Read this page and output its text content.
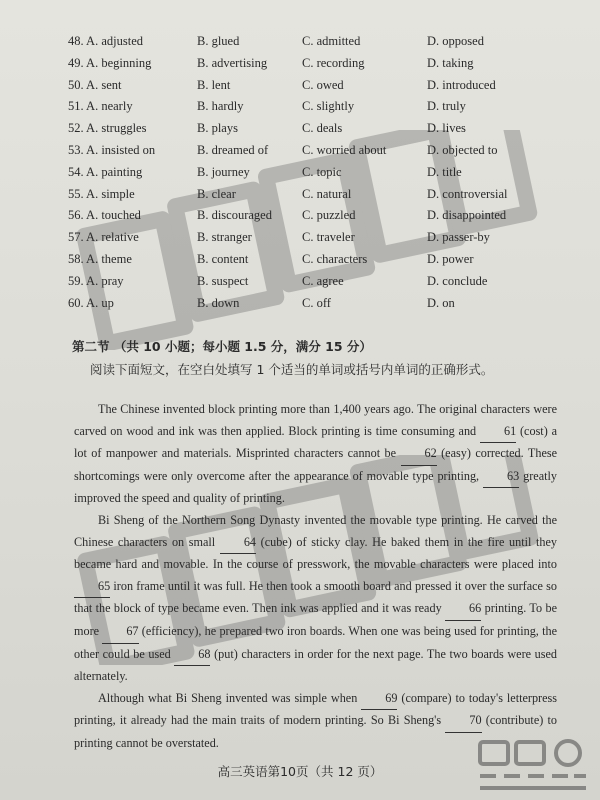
48. A. adjusted	B. glued	C. admitted	D. opposed
49. A. beginning	B. advertising	C. recording	D. taking
50. A. sent	B. lent	C. owed	D. introduced
51. A. nearly	B. hardly	C. slightly	D. truly
52. A. struggles	B. plays	C. deals	D. lives
53. A. insisted on	B. dreamed of	C. worried about	D. objected to
54. A. painting	B. journey	C. topic	D. title
55. A. simple	B. clear	C. natural	D. controversial
56. A. touched	B. discouraged C. puzzled	D. disappointed
57. A. relative	B. stranger	C. traveler	D. passer-by
58. A. theme	B. content	C. characters	D. power
59. A. pray	B. suspect	C. agree	D. conclude
60. A. up	B. down	C. off	D. on
第二节 （共 10 小题；每小题 1.5 分，满分 15 分）
阅读下面短文，在空白处填写 1 个适当的单词或括号内单词的正确形式。

The Chinese invented block printing more than 1,400 years ago. The original characters were carved on wood and ink was then applied. Block printing is time consuming and 61 (cost) a lot of manpower and materials. Misprinted characters cannot be 62 (easy) corrected. These shortcomings were only overcome after the appearance of movable type printing, 63 greatly improved the speed and quality of printing.

Bi Sheng of the Northern Song Dynasty invented the movable type printing. He carved the Chinese characters on small 64 (cube) of sticky clay. He baked them in the fire until they became hard and movable. In the course of presswork, the movable characters were placed into 65 iron frame until it was full. He then took a smooth board and pressed it over the surface so that the block of type became even. Then ink was applied and it was ready 66 printing. To be more 67 (efficiency), he prepared two iron boards. When one was being used for printing, the other could be used 68 (put) characters in order for the next page. The two boards were used alternately.

Although what Bi Sheng invented was simple when 69 (compare) to today's letterpress printing, it already had the main traits of modern printing. So Bi Sheng's 70 (contribute) to printing cannot be overstated.

高三英语第10页（共 12 页）
